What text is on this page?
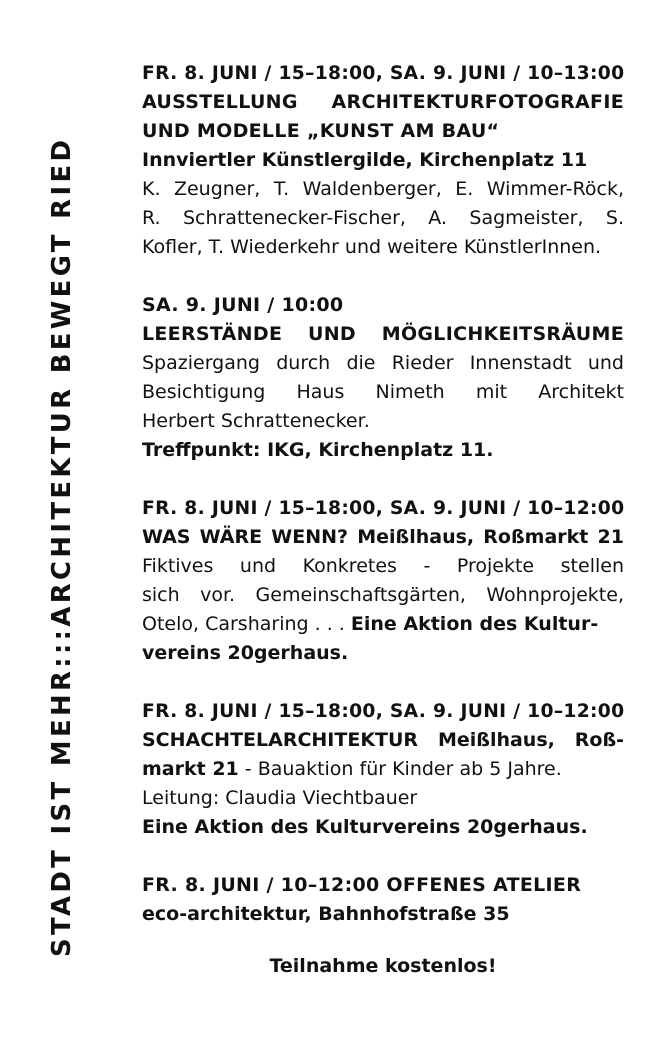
STADT IST MEHR:::ARCHITEKTUR BEWEGT RIED
FR. 8. JUNI / 15–18:00, SA. 9. JUNI / 10–13:00
AUSSTELLUNG ARCHITEKTURFOTOGRAFIE
UND MODELLE „KUNST AM BAU“
Innviertler Künstlergilde, Kirchenplatz 11
K. Zeugner, T. Waldenberger, E. Wimmer-Röck,
R. Schrattenecker-Fischer, A. Sagmeister, S.
Kofler, T. Wiederkehr und weitere KünstlerInnen.
SA. 9. JUNI / 10:00
LEERSTÄNDE UND MÖGLICHKEITSRÄUME
Spaziergang durch die Rieder Innenstadt und
Besichtigung Haus Nimeth mit Architekt
Herbert Schrattenecker.
Treffpunkt: IKG, Kirchenplatz 11.
FR. 8. JUNI / 15–18:00, SA. 9. JUNI / 10–12:00
WAS WÄRE WENN? Meißlhaus, Roßmarkt 21
Fiktives und Konkretes - Projekte stellen
sich vor. Gemeinschaftsgärten, Wohnprojekte,
Otelo, Carsharing . . . Eine Aktion des Kultur-
vereins 20gerhaus.
FR. 8. JUNI / 15–18:00, SA. 9. JUNI / 10–12:00
SCHACHTELARCHITEKTUR Meißlhaus, Roß-
markt 21 - Bauaktion für Kinder ab 5 Jahre.
Leitung: Claudia Viechtbauer
Eine Aktion des Kulturvereins 20gerhaus.
FR. 8. JUNI / 10–12:00 OFFENES ATELIER
eco-architektur, Bahnhofstraße 35
Teilnahme kostenlos!
